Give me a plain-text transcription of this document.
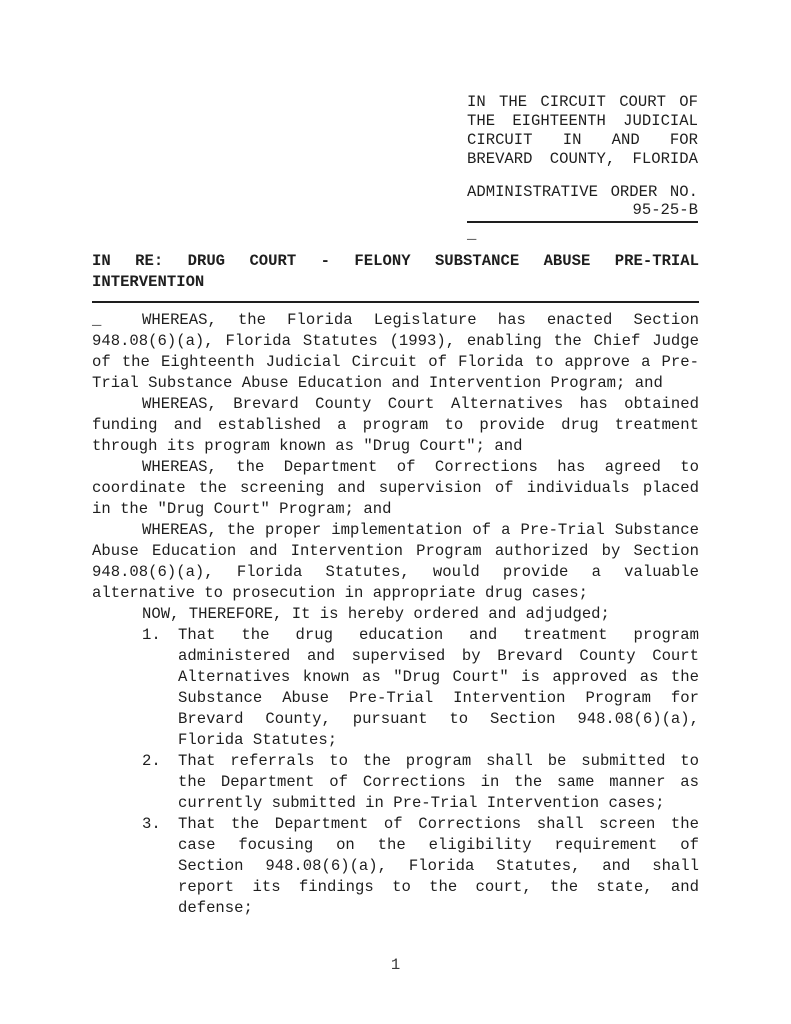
IN THE CIRCUIT COURT OF
THE EIGHTEENTH JUDICIAL
CIRCUIT IN AND FOR
BREVARD COUNTY, FLORIDA
ADMINISTRATIVE ORDER NO.
95-25-B
_
IN RE: DRUG COURT - FELONY SUBSTANCE ABUSE PRE-TRIAL
INTERVENTION
_	WHEREAS, the Florida Legislature has enacted Section
948.08(6)(a), Florida Statutes (1993), enabling the Chief Judge
of the Eighteenth Judicial Circuit of Florida to approve a Pre-
Trial Substance Abuse Education and Intervention Program; and
WHEREAS, Brevard County Court Alternatives has obtained
funding and established a program to provide drug treatment
through its program known as "Drug Court"; and
WHEREAS, the Department of Corrections has agreed to
coordinate the screening and supervision of individuals placed
in the "Drug Court" Program; and
WHEREAS, the proper implementation of a Pre-Trial Substance
Abuse Education and Intervention Program authorized by Section
948.08(6)(a), Florida Statutes, would provide a valuable
alternative to prosecution in appropriate drug cases;
NOW, THEREFORE, It is hereby ordered and adjudged;
1. That the drug education and treatment program
administered and supervised by Brevard County Court
Alternatives known as "Drug Court" is approved as the
Substance Abuse Pre-Trial Intervention Program for
Brevard County, pursuant to Section 948.08(6)(a),
Florida Statutes;
2. That referrals to the program shall be submitted to
the Department of Corrections in the same manner as
currently submitted in Pre-Trial Intervention cases;
3. That the Department of Corrections shall screen the
case focusing on the eligibility requirement of
Section 948.08(6)(a), Florida Statutes, and shall
report its findings to the court, the state, and
defense;
1
